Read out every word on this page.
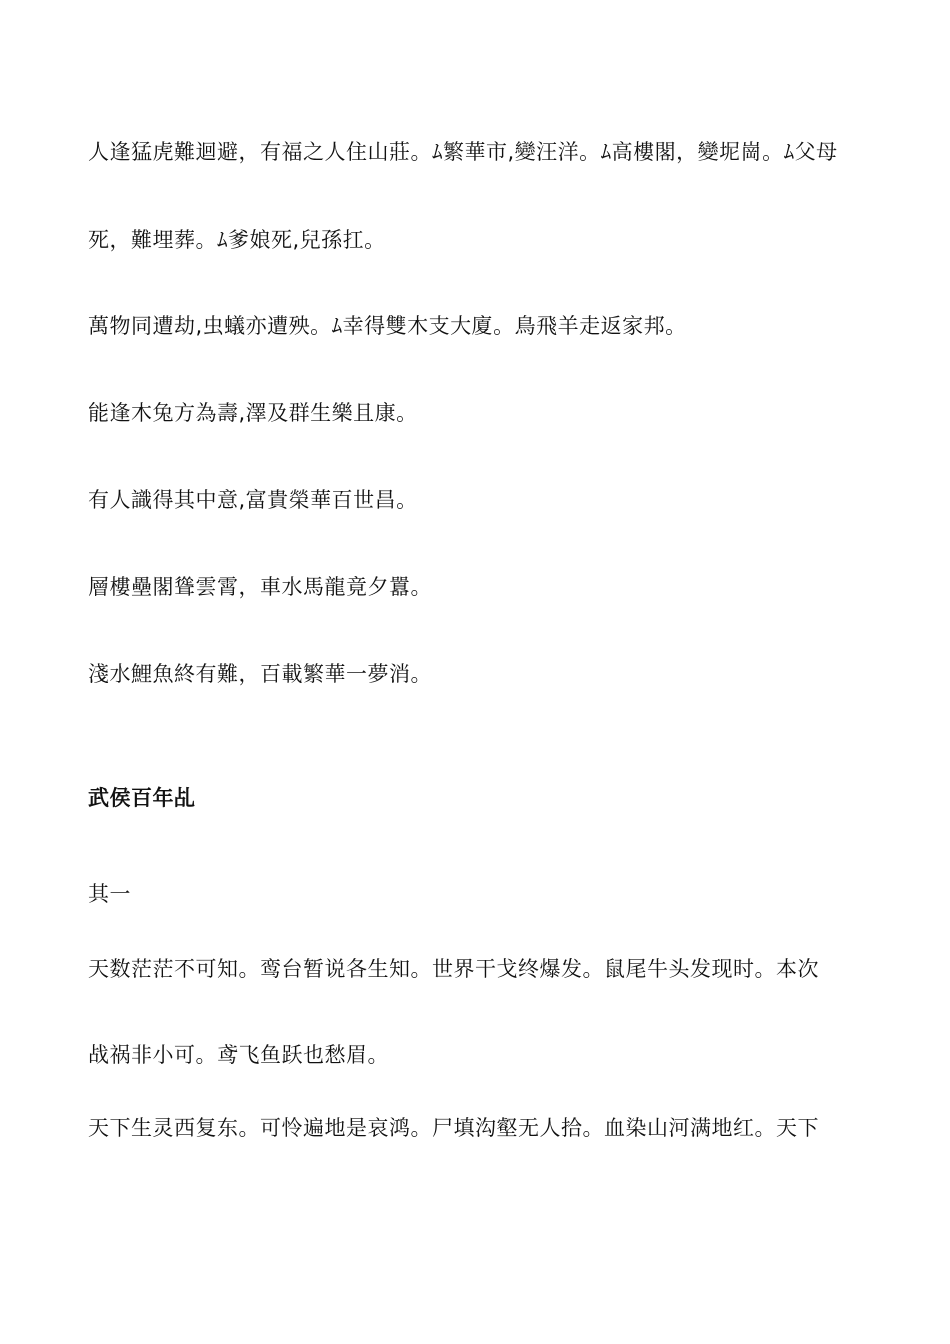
人逢猛虎難迴避，有福之人住山莊。ﾑ繁華市,變汪洋。ﾑ高樓閣，變坭崗。ﾑ父母
死，難埋葬。ﾑ爹娘死,兒孫扛。
萬物同遭劫,虫蟻亦遭殃。ﾑ幸得雙木支大廈。鳥飛羊走返家邦。
能逢木兔方為壽,澤及群生樂且康。
有人識得其中意,富貴榮華百世昌。
層樓壘閣聳雲霄，車水馬龍竟夕囂。
淺水鯉魚終有難，百載繁華一夢消。
武侯百年乩
其一
天数茫茫不可知。鸾台暂说各生知。世界干戈终爆发。鼠尾牛头发现时。本次
战祸非小可。鸢飞鱼跃也愁眉。
天下生灵西复东。可怜遍地是哀鸿。尸填沟壑无人拾。血染山河满地红。天下
